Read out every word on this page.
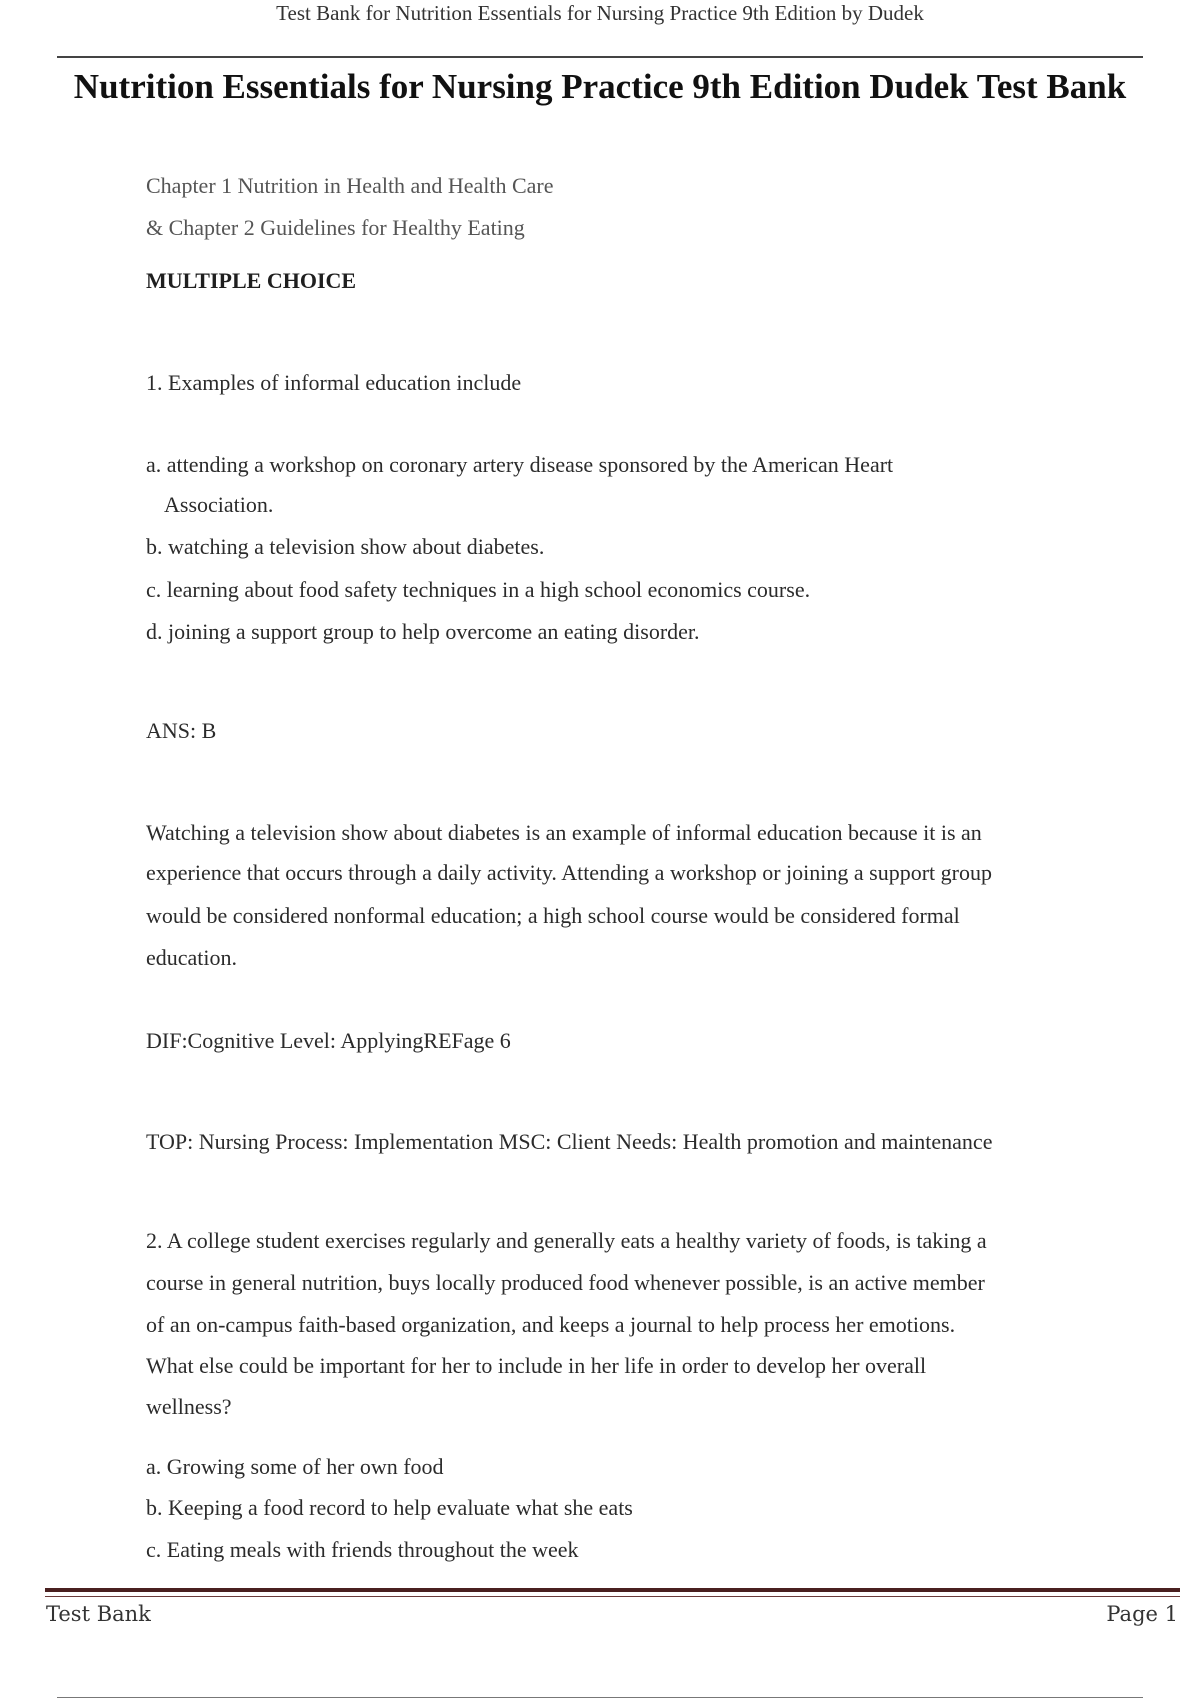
Test Bank for Nutrition Essentials for Nursing Practice 9th Edition by Dudek

Nutrition Essentials for Nursing Practice 9th Edition Dudek Test Bank

Chapter 1 Nutrition in Health and Health Care

& Chapter 2 Guidelines for Healthy Eating

MULTIPLE CHOICE

1. Examples of informal education include

a. attending a workshop on coronary artery disease sponsored by the American Heart

Association.

b. watching a television show about diabetes.

c. learning about food safety techniques in a high school economics course.

d. joining a support group to help overcome an eating disorder.

ANS: B

Watching a television show about diabetes is an example of informal education because it is an

experience that occurs through a daily activity. Attending a workshop or joining a support group

would be considered nonformal education; a high school course would be considered formal

education.

DIF:Cognitive Level: ApplyingREFage 6

TOP: Nursing Process: Implementation MSC: Client Needs: Health promotion and maintenance

2. A college student exercises regularly and generally eats a healthy variety of foods, is taking a

course in general nutrition, buys locally produced food whenever possible, is an active member

of an on-campus faith-based organization, and keeps a journal to help process her emotions.

What else could be important for her to include in her life in order to develop her overall

wellness?

a. Growing some of her own food

b. Keeping a food record to help evaluate what she eats

c. Eating meals with friends throughout the week

Test Bank	Page 1
